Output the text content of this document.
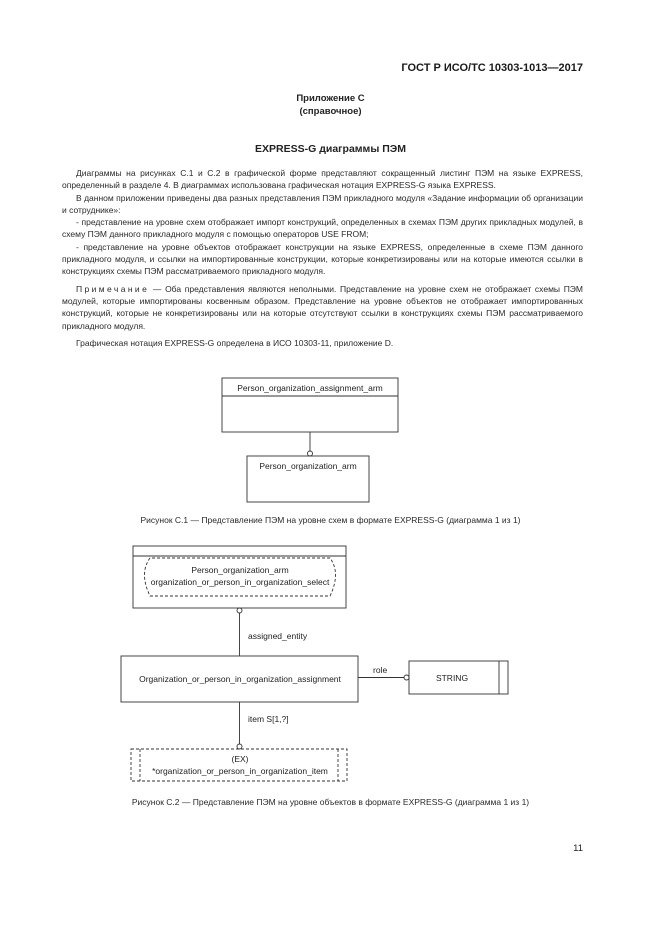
ГОСТ Р ИСО/ТС 10303-1013—2017
Приложение С
(справочное)
EXPRESS-G диаграммы ПЭМ

Диаграммы на рисунках С.1 и С.2 в графической форме представляют сокращенный листинг ПЭМ на языке EXPRESS, определенный в разделе 4. В диаграммах использована графическая нотация EXPRESS-G языка EXPRESS.

В данном приложении приведены два разных представления ПЭМ прикладного модуля «Задание информации об организации и сотруднике»:

- представление на уровне схем отображает импорт конструкций, определенных в схемах ПЭМ других прикладных модулей, в схему ПЭМ данного прикладного модуля с помощью операторов USE FROM;

- представление на уровне объектов отображает конструкции на языке EXPRESS, определенные в схеме ПЭМ данного прикладного модуля, и ссылки на импортированные конструкции, которые конкретизированы или на которые имеются ссылки в конструкциях схемы ПЭМ рассматриваемого прикладного модуля.

Примечание — Оба представления являются неполными. Представление на уровне схем не отображает схемы ПЭМ модулей, которые импортированы косвенным образом. Представление на уровне объектов не отображает импортированных конструкций, которые не конкретизированы или на которые отсутствуют ссылки в конструкциях схемы ПЭМ рассматриваемого прикладного модуля.

Графическая нотация EXPRESS-G определена в ИСО 10303-11, приложение D.

Person_organization_assignment_arm
Person_organization_arm
Рисунок С.1 — Представление ПЭМ на уровне схем в формате EXPRESS-G (диаграмма 1 из 1)
Person_organization_arm
organization_or_person_in_organization_select
assigned_entity
Organization_or_person_in_organization_assignment
role
STRING
item S[1,?]
(EX)
*organization_or_person_in_organization_item
Рисунок С.2 — Представление ПЭМ на уровне объектов в формате EXPRESS-G (диаграмма 1 из 1)
11
